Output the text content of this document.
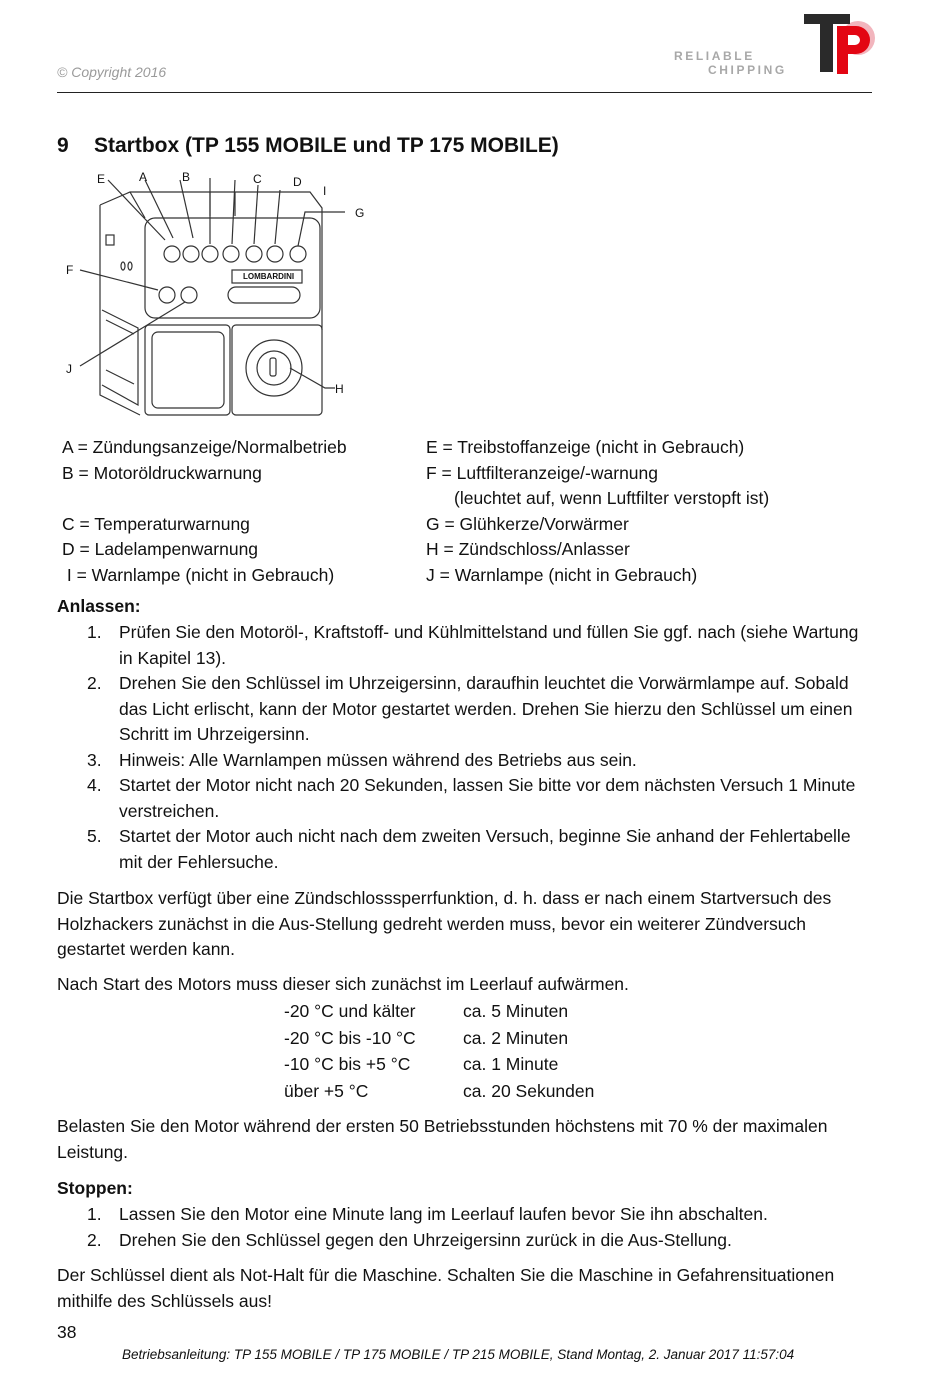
© Copyright 2016
RELIABLE
CHIPPING
9 Startbox (TP 155 MOBILE und TP 175 MOBILE)
E	A	B	C	D
I
G
F
J
H
LOMBARDINI
A = Zündungsanzeige/Normalbetrieb
B = Motoröldruckwarnung
C = Temperaturwarnung
D = Ladelampenwarnung
I = Warnlampe (nicht in Gebrauch)
E = Treibstoffanzeige (nicht in Gebrauch)
F = Luftfilteranzeige/-warnung
(leuchtet auf, wenn Luftfilter verstopft ist)
G = Glühkerze/Vorwärmer
H = Zündschloss/Anlasser
J = Warnlampe (nicht in Gebrauch)
Anlassen:
1. Prüfen Sie den Motoröl-, Kraftstoff- und Kühlmittelstand und füllen Sie ggf. nach (siehe Wartung in Kapitel 13).
2. Drehen Sie den Schlüssel im Uhrzeigersinn, daraufhin leuchtet die Vorwärmlampe auf. Sobald das Licht erlischt, kann der Motor gestartet werden. Drehen Sie hierzu den Schlüssel um einen Schritt im Uhrzeigersinn.
3. Hinweis: Alle Warnlampen müssen während des Betriebs aus sein.
4. Startet der Motor nicht nach 20 Sekunden, lassen Sie bitte vor dem nächsten Versuch 1 Minute verstreichen.
5. Startet der Motor auch nicht nach dem zweiten Versuch, beginne Sie anhand der Fehlertabelle mit der Fehlersuche.

Die Startbox verfügt über eine Zündschlosssperrfunktion, d. h. dass er nach einem Startversuch des Holzhackers zunächst in die Aus-Stellung gedreht werden muss, bevor ein weiterer Zündversuch gestartet werden kann.

Nach Start des Motors muss dieser sich zunächst im Leerlauf aufwärmen.

-20 °C und kälter	ca. 5 Minuten
-20 °C bis -10 °C	ca. 2 Minuten
-10 °C bis +5 °C	ca. 1 Minute
über +5 °C	ca. 20 Sekunden

Belasten Sie den Motor während der ersten 50 Betriebsstunden höchstens mit 70 % der maximalen Leistung.

Stoppen:
1. Lassen Sie den Motor eine Minute lang im Leerlauf laufen bevor Sie ihn abschalten.
2. Drehen Sie den Schlüssel gegen den Uhrzeigersinn zurück in die Aus-Stellung.

Der Schlüssel dient als Not-Halt für die Maschine. Schalten Sie die Maschine in Gefahrensituationen mithilfe des Schlüssels aus!

38
Betriebsanleitung: TP 155 MOBILE / TP 175 MOBILE / TP 215 MOBILE, Stand Montag, 2. Januar 2017 11:57:04
